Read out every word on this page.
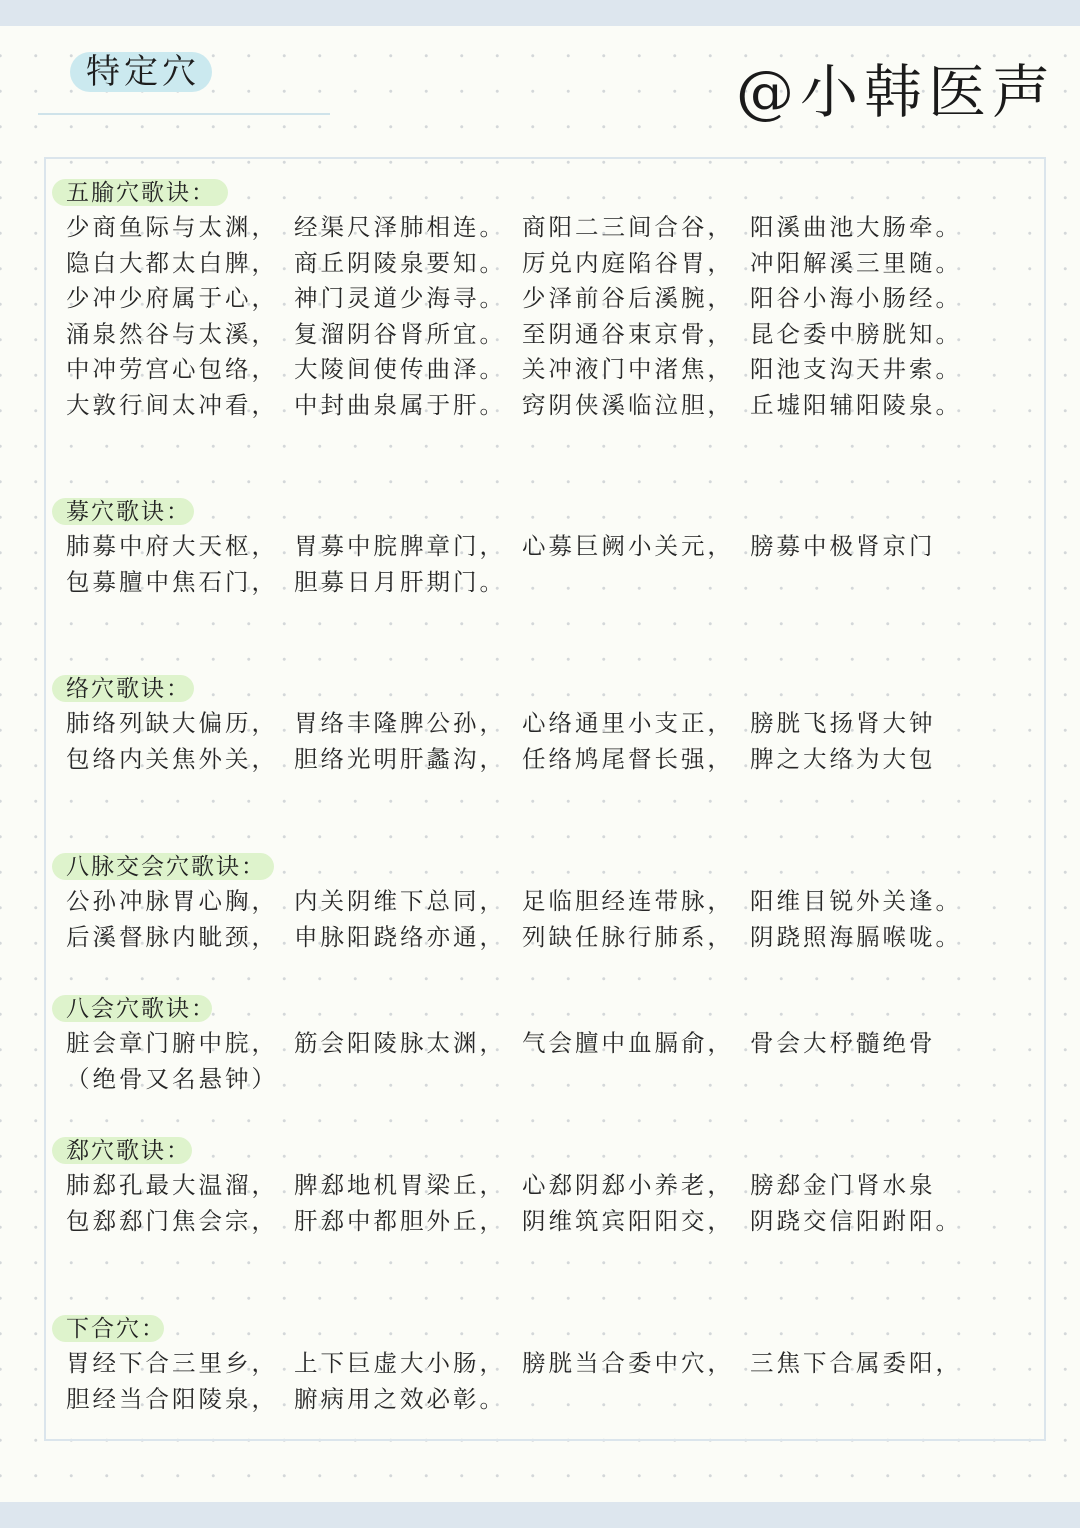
特定穴	@小韩医声
五腧穴歌诀：
少商鱼际与太渊， 经渠尺泽肺相连。 商阳二三间合谷， 阳溪曲池大肠牵。
隐白大都太白脾， 商丘阴陵泉要知。 厉兑内庭陷谷胃， 冲阳解溪三里随。
少冲少府属于心， 神门灵道少海寻。 少泽前谷后溪腕， 阳谷小海小肠经。
涌泉然谷与太溪， 复溜阴谷肾所宜。 至阴通谷束京骨， 昆仑委中膀胱知。
中冲劳宫心包络， 大陵间使传曲泽。 关冲液门中渚焦， 阳池支沟天井索。
大敦行间太冲看， 中封曲泉属于肝。 窍阴侠溪临泣胆， 丘墟阳辅阳陵泉。
募穴歌诀：
肺募中府大天枢， 胃募中脘脾章门， 心募巨阙小关元， 膀募中极肾京门
包募膻中焦石门， 胆募日月肝期门。
络穴歌诀：
肺络列缺大偏历， 胃络丰隆脾公孙， 心络通里小支正， 膀胱飞扬肾大钟
包络内关焦外关， 胆络光明肝蠡沟， 任络鸠尾督长强， 脾之大络为大包
八脉交会穴歌诀：
公孙冲脉胃心胸， 内关阴维下总同， 足临胆经连带脉， 阳维目锐外关逢。
后溪督脉内眦颈， 申脉阳跷络亦通， 列缺任脉行肺系， 阴跷照海膈喉咙。
八会穴歌诀：
脏会章门腑中脘， 筋会阳陵脉太渊， 气会膻中血膈俞， 骨会大杼髓绝骨
（绝骨又名悬钟）
郄穴歌诀：
肺郄孔最大温溜， 脾郄地机胃梁丘， 心郄阴郄小养老， 膀郄金门肾水泉
包郄郄门焦会宗， 肝郄中都胆外丘， 阴维筑宾阳阳交， 阴跷交信阳跗阳。
下合穴：
胃经下合三里乡， 上下巨虚大小肠， 膀胱当合委中穴， 三焦下合属委阳，
胆经当合阳陵泉， 腑病用之效必彰。
